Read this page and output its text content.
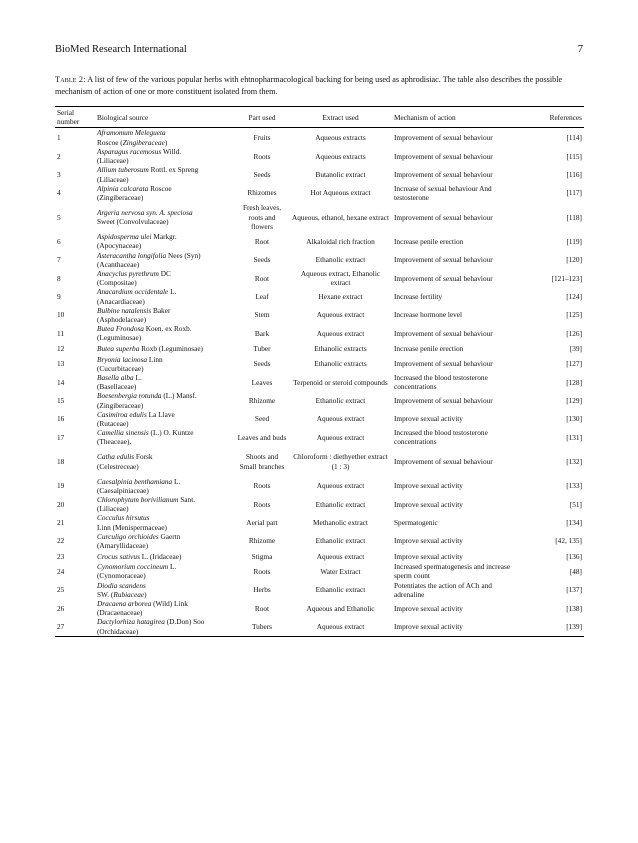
BioMed Research International	7
Table 2: A list of few of the various popular herbs with ehtnopharmacological backing for being used as aphrodisiac. The table also describes the possible mechanism of action of one or more constituent isolated from them.
Serial number	Biological source	Part used	Extract used	Mechanism of action	References
1	Aframomum Melegueta
Roscoe (Zingiberaceae)	Fruits	Aqueous extracts	Improvement of sexual behaviour	[114]
2	Asparagus racemosus Willd.
(Liliaceae)	Roots	Aqueous extracts	Improvement of sexual behaviour	[115]
3	Allium tuberosum Rottl. ex Spreng
(Liliaceae)	Seeds	Butanolic extract	Improvement of sexual behaviour	[116]
4	Alpinia calcarata Roscoe
(Zingiberaceae)	Rhizomes	Hot Aqueous extract	Increase of sexual behaviour And testosterone	[117]
5	Argeria nervosa syn. A. speciosa
Sweet (Convolvulaceae)	Fresh leaves, roots and flowers	Aqueous, ethanol, hexane extract	Improvement of sexual behaviour	[118]
6	Aspidosperma ulei Markgr.
(Apocynaceae)	Root	Alkaloidal rich fraction	Increase penile erection	[119]
7	Asteracantha longifolia Nees (Syn)
(Acanthaceae)	Seeds	Ethanolic extract	Improvement of sexual behaviour	[120]
8	Anacyclus pyrethrum DC
(Compositae)	Root	Aqueous extract, Ethanolic extract	Improvement of sexual behaviour	[121–123]
9	Anacardium occidentale L.
(Anacardiaceae)	Leaf	Hexane extract	Increase fertility	[124]
10	Bulbine natalensis Baker
(Asphodelaceae)	Stem	Aqueous extract	Increase hormone level	[125]
11	Butea Frondosa Koen. ex Roxb.
(Leguminosae)	Bark	Aqueous extract	Improvement of sexual behaviour	[126]
12	Butea superba Roxb (Leguminosae)	Tuber	Ethanolic extracts	Increase penile erection	[39]
13	Bryonia lacinosa Linn
(Cucurbitaceae)	Seeds	Ethanolic extracts	Improvement of sexual behaviour	[127]
14	Basella alba L.
(Basellaceae)	Leaves	Terpenoid or steroid compounds	Increased the blood testosterone concentrations	[128]
15	Boesenbergia rotunda (L.) Mansf.
(Zingiberaceae)	Rhizome	Ethanolic extract	Improvement of sexual behaviour	[129]
16	Casimiroa edulis La Llave
(Rutaceae)	Seed	Aqueous extract	Improve sexual activity	[130]
17	Camellia sinensis (L.) O. Kuntze
(Theaceae),	Leaves and buds	Aqueous extract	Increased the blood testosterone concentrations	[131]
18	Catha edulis Forsk
(Celestreceae)	Shoots and Small branches	Chloroform : diethyether extract (1 : 3)	Improvement of sexual behaviour	[132]
19	Caesalpinia benthamiana L.
(Caesalpiniaceae)	Roots	Aqueous extract	Improve sexual activity	[133]
20	Chlorophytum borivilianum Sant.
(Liliaceae)	Roots	Ethanolic extract	Improve sexual activity	[51]
21	Cocculus hirsutus
Linn (Menispermaceae)	Aerial part	Methanolic extract	Spermatogenic	[134]
22	Curculigo orchioides Gaertn
(Amaryllidaceae)	Rhizome	Ethanolic extract	Improve sexual activity	[42, 135]
23	Crocus sativus L. (Iridaceae)	Stigma	Aqueous extract	Improve sexual activity	[136]
24	Cynomorium coccineum L.
(Cynomoraceae)	Roots	Water Extract	Increased spermatogenesis and increase sperm count	[48]
25	Diodia scandens
SW. (Rubiaceae)	Herbs	Ethanolic extract	Potentiates the action of ACh and adrenaline	[137]
26	Dracaena arborea (Wild) Link
(Dracaenaceae)	Root	Aqueous and Ethanolic	Improve sexual activity	[138]
27	Dactylorhiza hatagirea (D.Don) Soo
(Orchidaceae)	Tubers	Aqueous extract	Improve sexual activity	[139]
